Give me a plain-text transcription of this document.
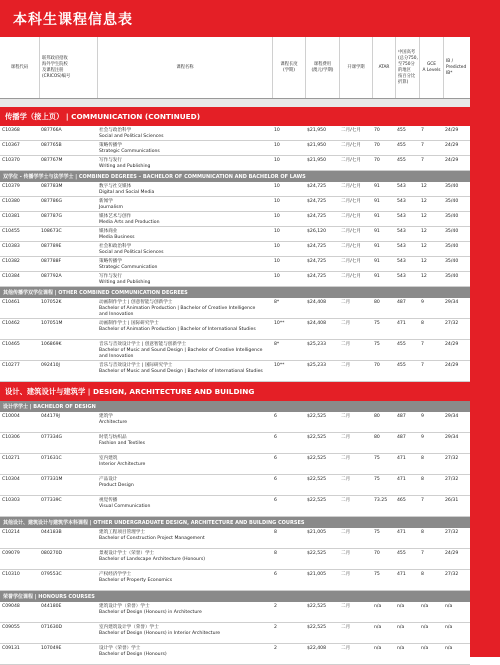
本科生课程信息表
课程代码
联邦政府招收
海外学生院校
及课程注册
(CRICOS)编号
课程名称
课程长度
(学期)
课程费用
(澳元/学期)
开课学期	ATAR
中国高考
(总分750,
至750分
的地区
按百分比
折算)
GCE
A Levels
IB /
Predicted
IB*
传播学（接上页） | COMMUNICATION (CONTINUED)
C10368	087766A	社会与政治科学
Social and Political Sciences
10	$21,950	二月/七月	70	455	7	24/29
C10367	087765B	策略传播学
Strategic Communications
10	$21,950	二月/七月	70	455	7	24/29
C10370	087767M	写作与发行
Writing and Publishing
10	$21,950	二月/七月	70	455	7	24/29
双学位 - 传播学学士与法学学士 | COMBINED DEGREES – BACHELOR OF COMMUNICATION AND BACHELOR OF LAWS
C10379	087783M	数字与社交媒体
Digital and Social Media
10	$24,725	二月/七月	91	543	12	35/40
C10380	087786G	新闻学
Journalism
10	$24,725	二月/七月	91	543	12	35/40
C10381	087787G	媒体艺术与创作
Media Arts and Production
10	$24,725	二月/七月	91	543	12	35/40
C10455	108673C	媒体商业
Media Business
10	$26,120	二月/七月	91	543	12	35/40
C10383	087789E	社会和政治科学
Social and Political Sciences
10	$24,725	二月/七月	91	543	12	35/40
C10382	087788F	策略传播学
Strategic Communication
10	$24,725	二月/七月	91	543	12	35/40
C10384	087792A	写作与发行
Writing and Publishing
10	$24,725	二月/七月	91	543	12	35/40
其他传播学双学位课程 | OTHER COMBINED COMMUNICATION DEGREES
C10461	107052K	动画制作学士 | 创意智能与创新学士
Bachelor of Animation Production | Bachelor of Creative Intelligence and Innovation
8*	$24,408	二月	80	487	9	29/34
C10462	107051M	动画制作学士 | 国际研究学士
Bachelor of Animation Production | Bachelor of International Studies
10**	$24,408	二月	75	471	8	27/32
C10465	106869K	音乐与音效设计学士 | 创意智能与创新学士
Bachelor of Music and Sound Design | Bachelor of Creative Intelligence and Innovation
8*	$25,233	二月	75	455	7	24/29
C10277	092410J	音乐与音效设计学士 | 国际研究学士
Bachelor of Music and Sound Design | Bachelor of International Studies
10**	$25,233	二月	70	455	7	24/29
设计、建筑设计与建筑学 | DESIGN, ARCHITECTURE AND BUILDING
设计学学士 | BACHELOR OF DESIGN
C10004	044179J	建筑学
Architecture
6	$22,525	二月	80	487	9	29/34
C10306	077334G	时装与纺织品
Fashion and Textiles
6	$22,525	二月	80	487	9	29/34
C10271	071631C	室内建筑
Interior Architecture
6	$22,525	二月	75	471	8	27/32
C10304	077331M	产品设计
Product Design
6	$22,525	二月	75	471	8	27/32
C10303	077339C	视觉传播
Visual Communication
6	$22,525	二月	73.25 465	7	26/31
其他设计、建筑设计与建筑学本科课程 | OTHER UNDERGRADUATE DESIGN, ARCHITECTURE AND BUILDING COURSES
C10214	044183B	建筑工程项目管理学士
Bachelor of Construction Project Management
8	$21,005	二月	75	471	8	27/32
C09079	080270D	景观设计学士（荣誉）学士
Bachelor of Landscape Architecture (Honours)
8	$22,525	二月	70	455	7	24/29
C10310	079553C	产权经济学学士
Bachelor of Property Economics
6	$21,005	二月	75	471	8	27/32
荣誉学位课程 | HONOURS COURSES
C09048	044180E	建筑设计学（荣誉）学士
Bachelor of Design (Honours) in Architecture
2	$22,525	二月	n/a	n/a	n/a	n/a
C09055	071630D	室内建筑设计学（荣誉）学士
Bachelor of Design (Honours) in Interior Architecture
2	$22,525	二月	n/a	n/a	n/a	n/a
C09131	107049E	设计学（荣誉）学士
Bachelor of Design (Honours)
2	$22,408	二月	n/a	n/a	n/a	n/a
